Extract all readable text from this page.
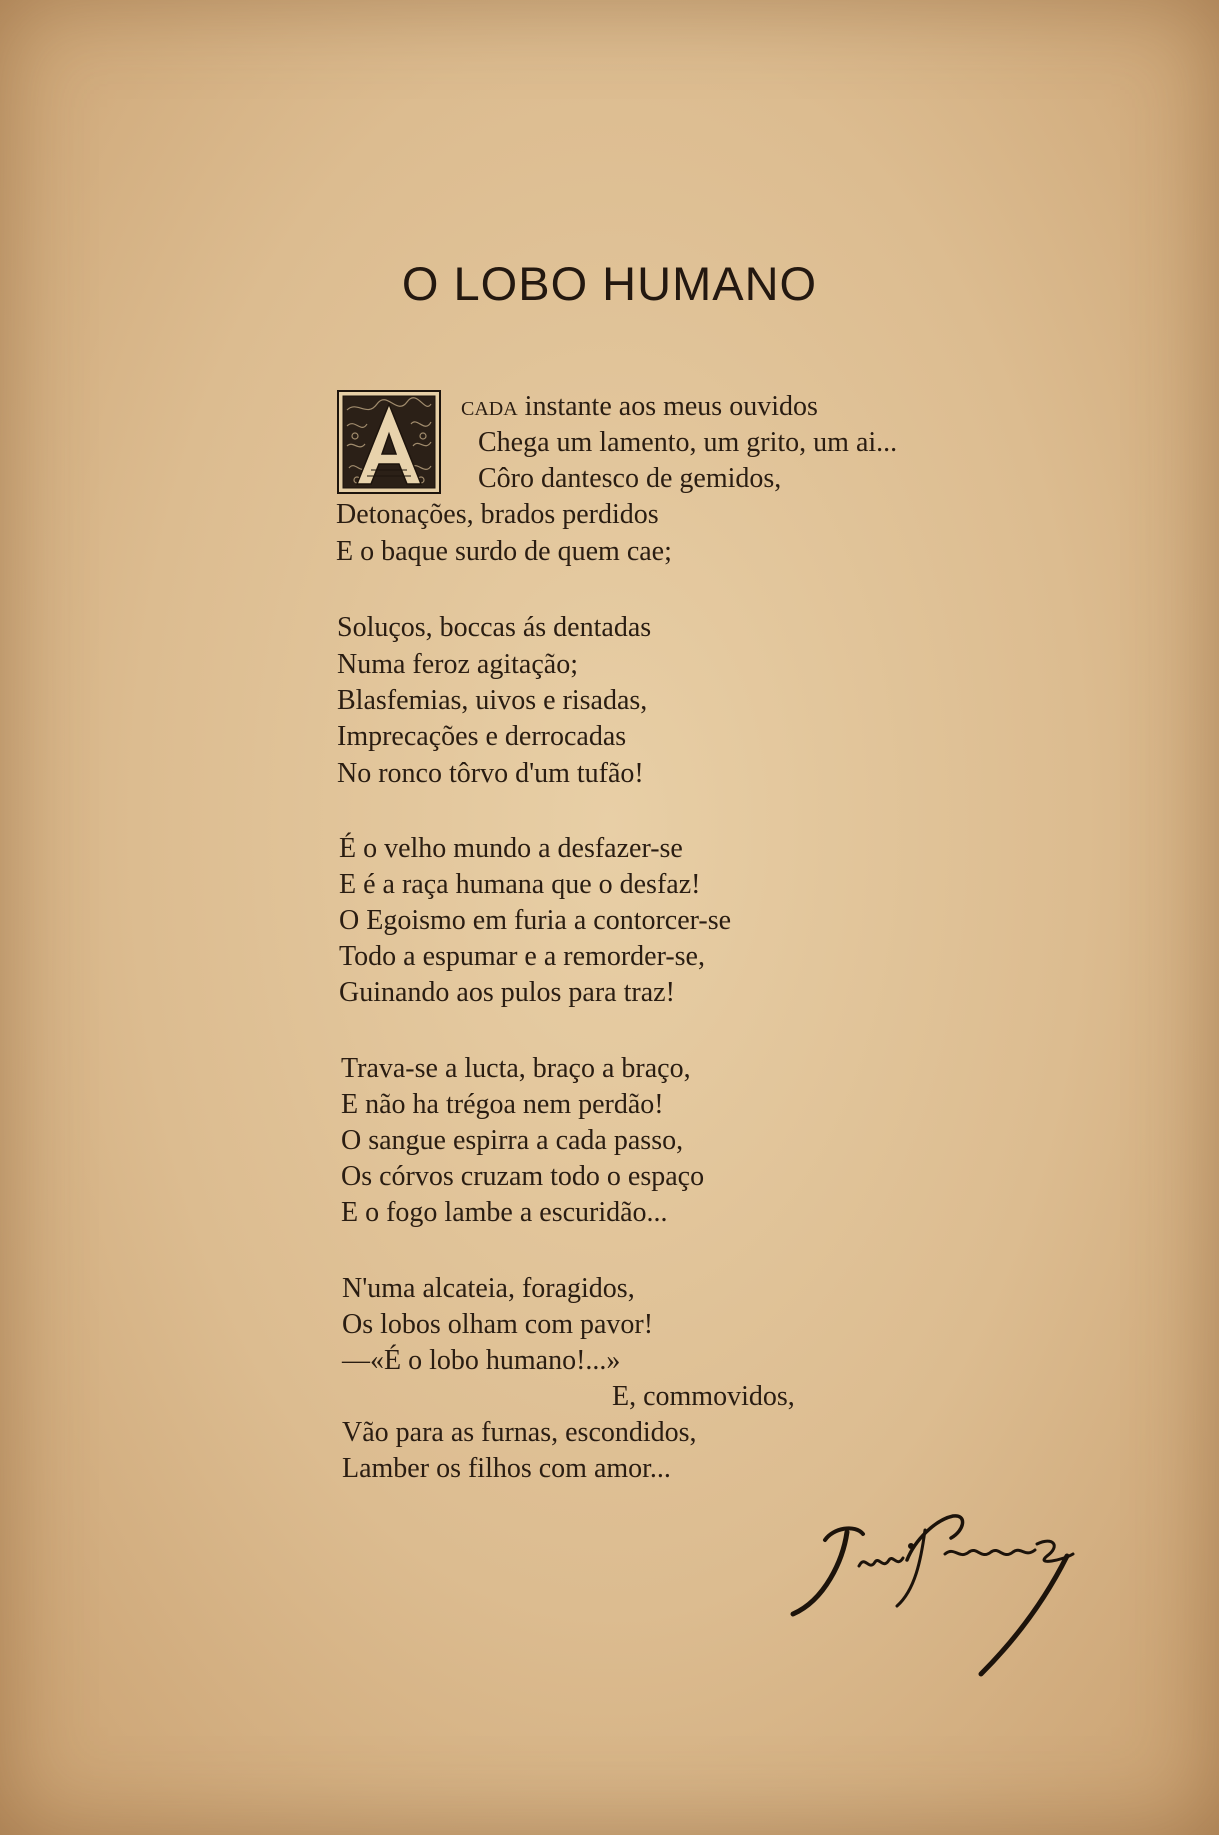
O LOBO HUMANO

cada instante aos meus ouvidos

Chega um lamento, um grito, um ai...

Côro dantesco de gemidos,

Detonações, brados perdidos

E o baque surdo de quem cae;

Soluços, boccas ás dentadas

Numa feroz agitação;

Blasfemias, uivos e risadas,

Imprecações e derrocadas

No ronco tôrvo d'um tufão!

É o velho mundo a desfazer-se

E é a raça humana que o desfaz!

O Egoismo em furia a contorcer-se

Todo a espumar e a remorder-se,

Guinando aos pulos para traz!

Trava-se a lucta, braço a braço,

E não ha trégoa nem perdão!

O sangue espirra a cada passo,

Os córvos cruzam todo o espaço

E o fogo lambe a escuridão...

N'uma alcateia, foragidos,

Os lobos olham com pavor!

—«É o lobo humano!...»

E, commovidos,

Vão para as furnas, escondidos,

Lamber os filhos com amor...
